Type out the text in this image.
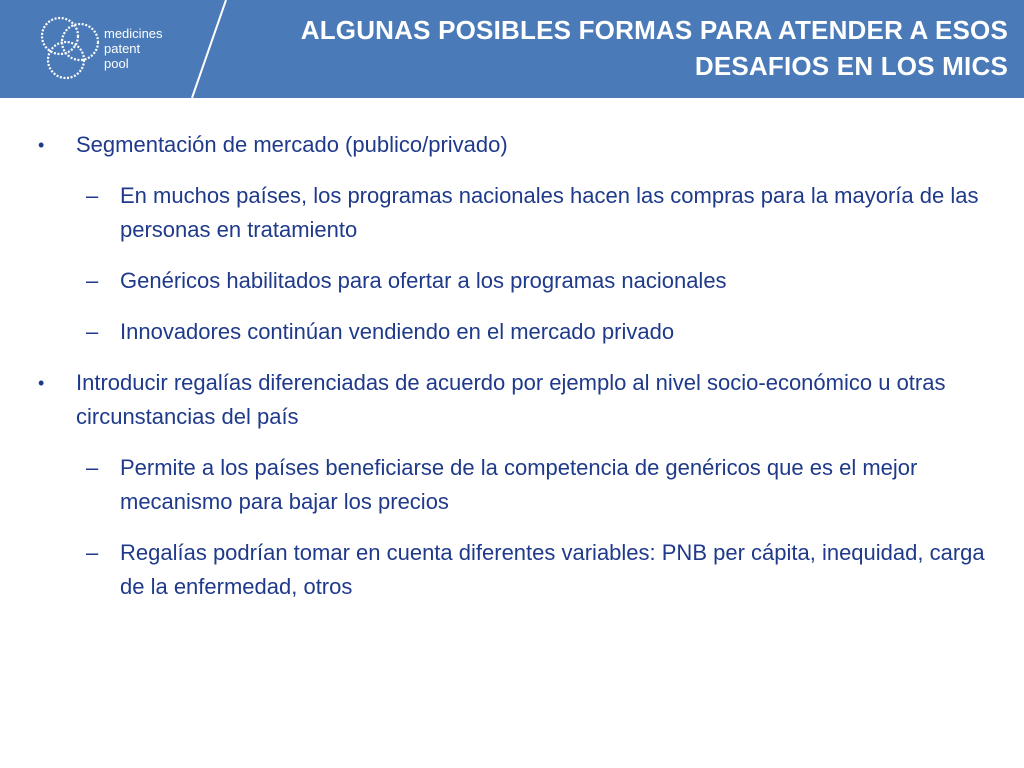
medicines
patent
pool
ALGUNAS POSIBLES FORMAS PARA ATENDER A ESOS
DESAFIOS EN LOS MICS
• Segmentación de mercado (publico/privado)
– En muchos países, los programas nacionales hacen las compras para la mayoría de las personas en tratamiento
– Genéricos habilitados para ofertar a los programas nacionales
– Innovadores continúan vendiendo en el mercado privado
• Introducir regalías diferenciadas de acuerdo por ejemplo al nivel socio-económico u otras circunstancias del país
– Permite a los países beneficiarse de la competencia de genéricos que es el mejor mecanismo para bajar los precios
– Regalías podrían tomar en cuenta diferentes variables: PNB per cápita, inequidad, carga de la enfermedad, otros
